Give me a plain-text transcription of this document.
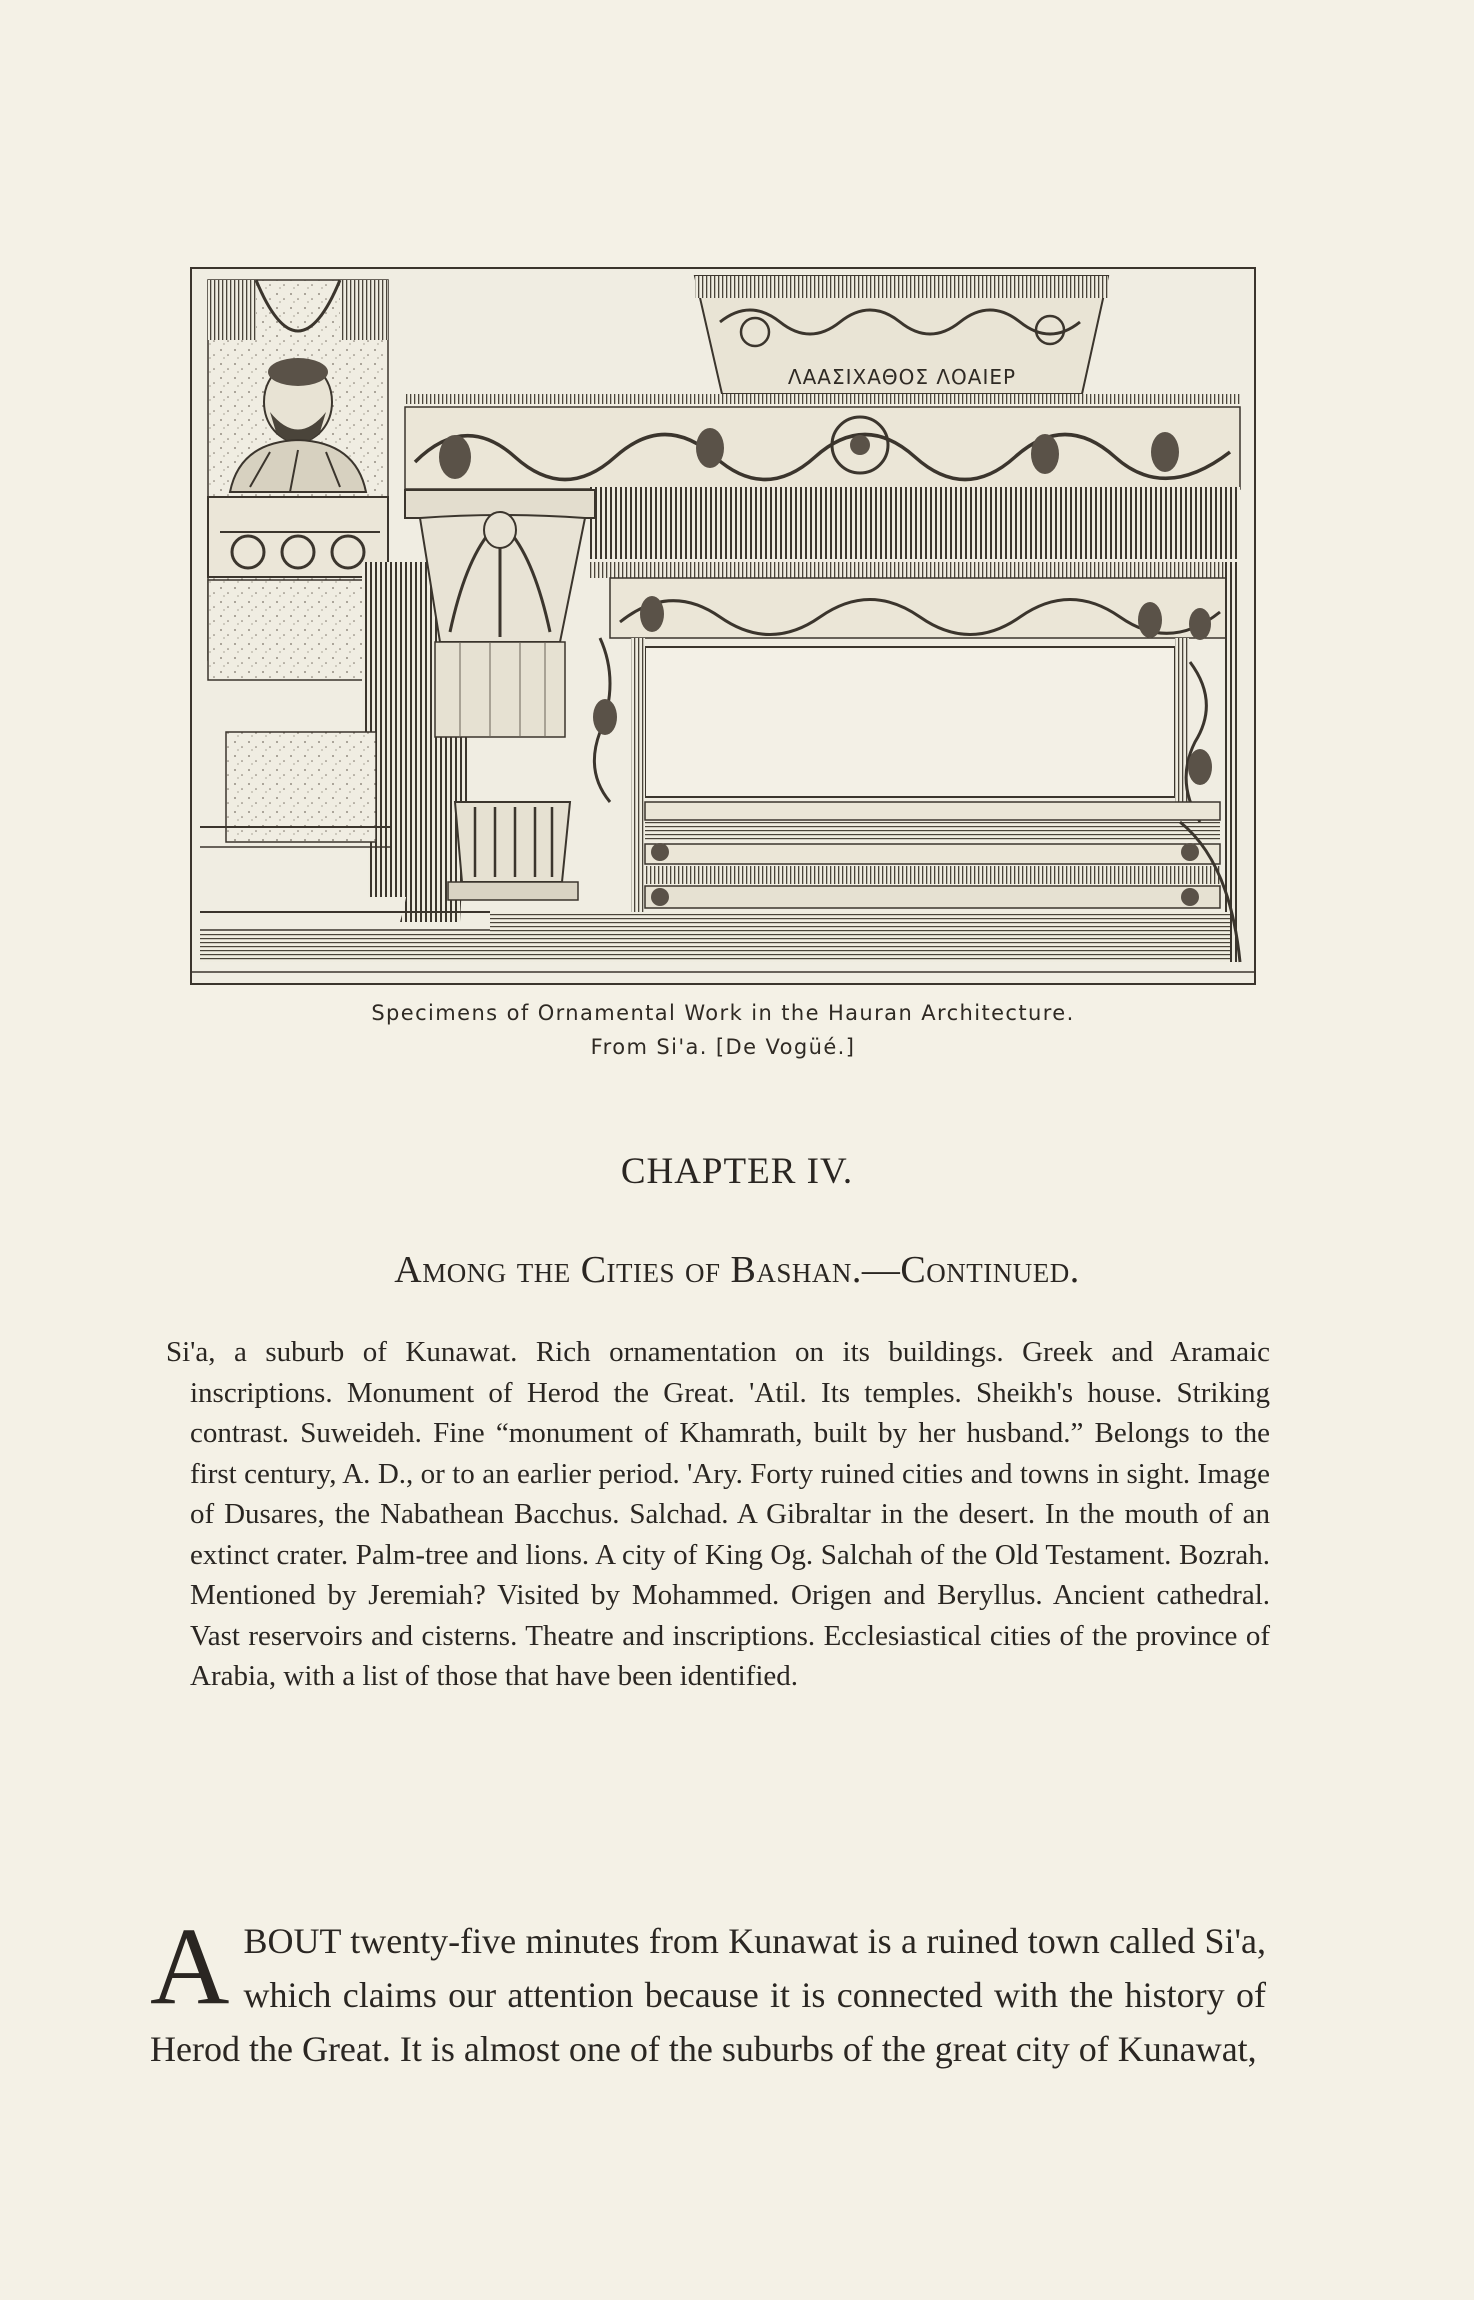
ΛΑΑΣΙΧΑΘΟΣ ΛΟΑΙΕΡ
Specimens of Ornamental Work in the Hauran Architecture.
From Si'a. [De Vogüé.]
CHAPTER IV.
Among the Cities of Bashan.—Continued.

Si'a, a suburb of Kunawat. Rich ornamentation on its buildings. Greek and Aramaic inscriptions. Monument of Herod the Great. 'Atil. Its temples. Sheikh's house. Striking contrast. Suweideh. Fine “monument of Khamrath, built by her husband.” Belongs to the first century, A. D., or to an earlier period. 'Ary. Forty ruined cities and towns in sight. Image of Dusares, the Nabathean Bacchus. Salchad. A Gibraltar in the desert. In the mouth of an extinct crater. Palm-tree and lions. A city of King Og. Salchah of the Old Testament. Bozrah. Mentioned by Jeremiah? Visited by Mohammed. Origen and Beryllus. Ancient cathedral. Vast reservoirs and cisterns. Theatre and inscriptions. Ecclesiastical cities of the province of Arabia, with a list of those that have been identified.

ABOUT twenty-five minutes from Kunawat is a ruined town called Si'a, which claims our attention because it is connected with the history of Herod the Great. It is almost one of the suburbs of the great city of Kunawat,
